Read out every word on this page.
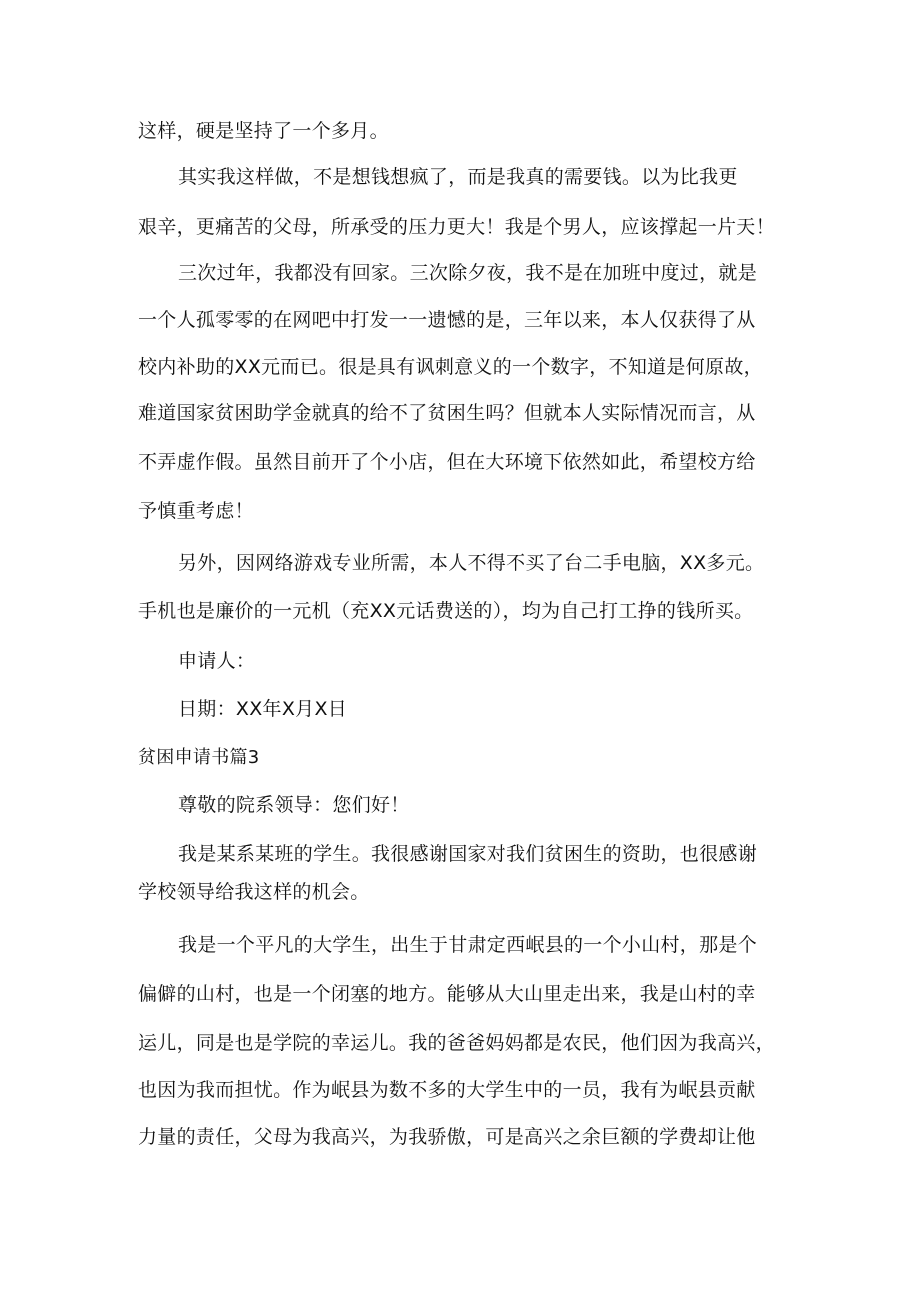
这样，硬是坚持了一个多月。

其实我这样做，不是想钱想疯了，而是我真的需要钱。以为比我更

艰辛，更痛苦的父母，所承受的压力更大！我是个男人，应该撑起一片天！

三次过年，我都没有回家。三次除夕夜，我不是在加班中度过，就是

一个人孤零零的在网吧中打发一一遗憾的是，三年以来，本人仅获得了从

校内补助的XX元而已。很是具有讽刺意义的一个数字，不知道是何原故，

难道国家贫困助学金就真的给不了贫困生吗？但就本人实际情况而言，从

不弄虚作假。虽然目前开了个小店，但在大环境下依然如此，希望校方给

予慎重考虑！

另外，因网络游戏专业所需，本人不得不买了台二手电脑，XX多元。

手机也是廉价的一元机（充XX元话费送的），均为自己打工挣的钱所买。

申请人：

日期：XX年X月X日

贫困申请书篇3

尊敬的院系领导：您们好！

我是某系某班的学生。我很感谢国家对我们贫困生的资助，也很感谢

学校领导给我这样的机会。

我是一个平凡的大学生，出生于甘肃定西岷县的一个小山村，那是个

偏僻的山村，也是一个闭塞的地方。能够从大山里走出来，我是山村的幸

运儿，同是也是学院的幸运儿。我的爸爸妈妈都是农民，他们因为我高兴，

也因为我而担忧。作为岷县为数不多的大学生中的一员，我有为岷县贡献

力量的责任，父母为我高兴，为我骄傲，可是高兴之余巨额的学费却让他
